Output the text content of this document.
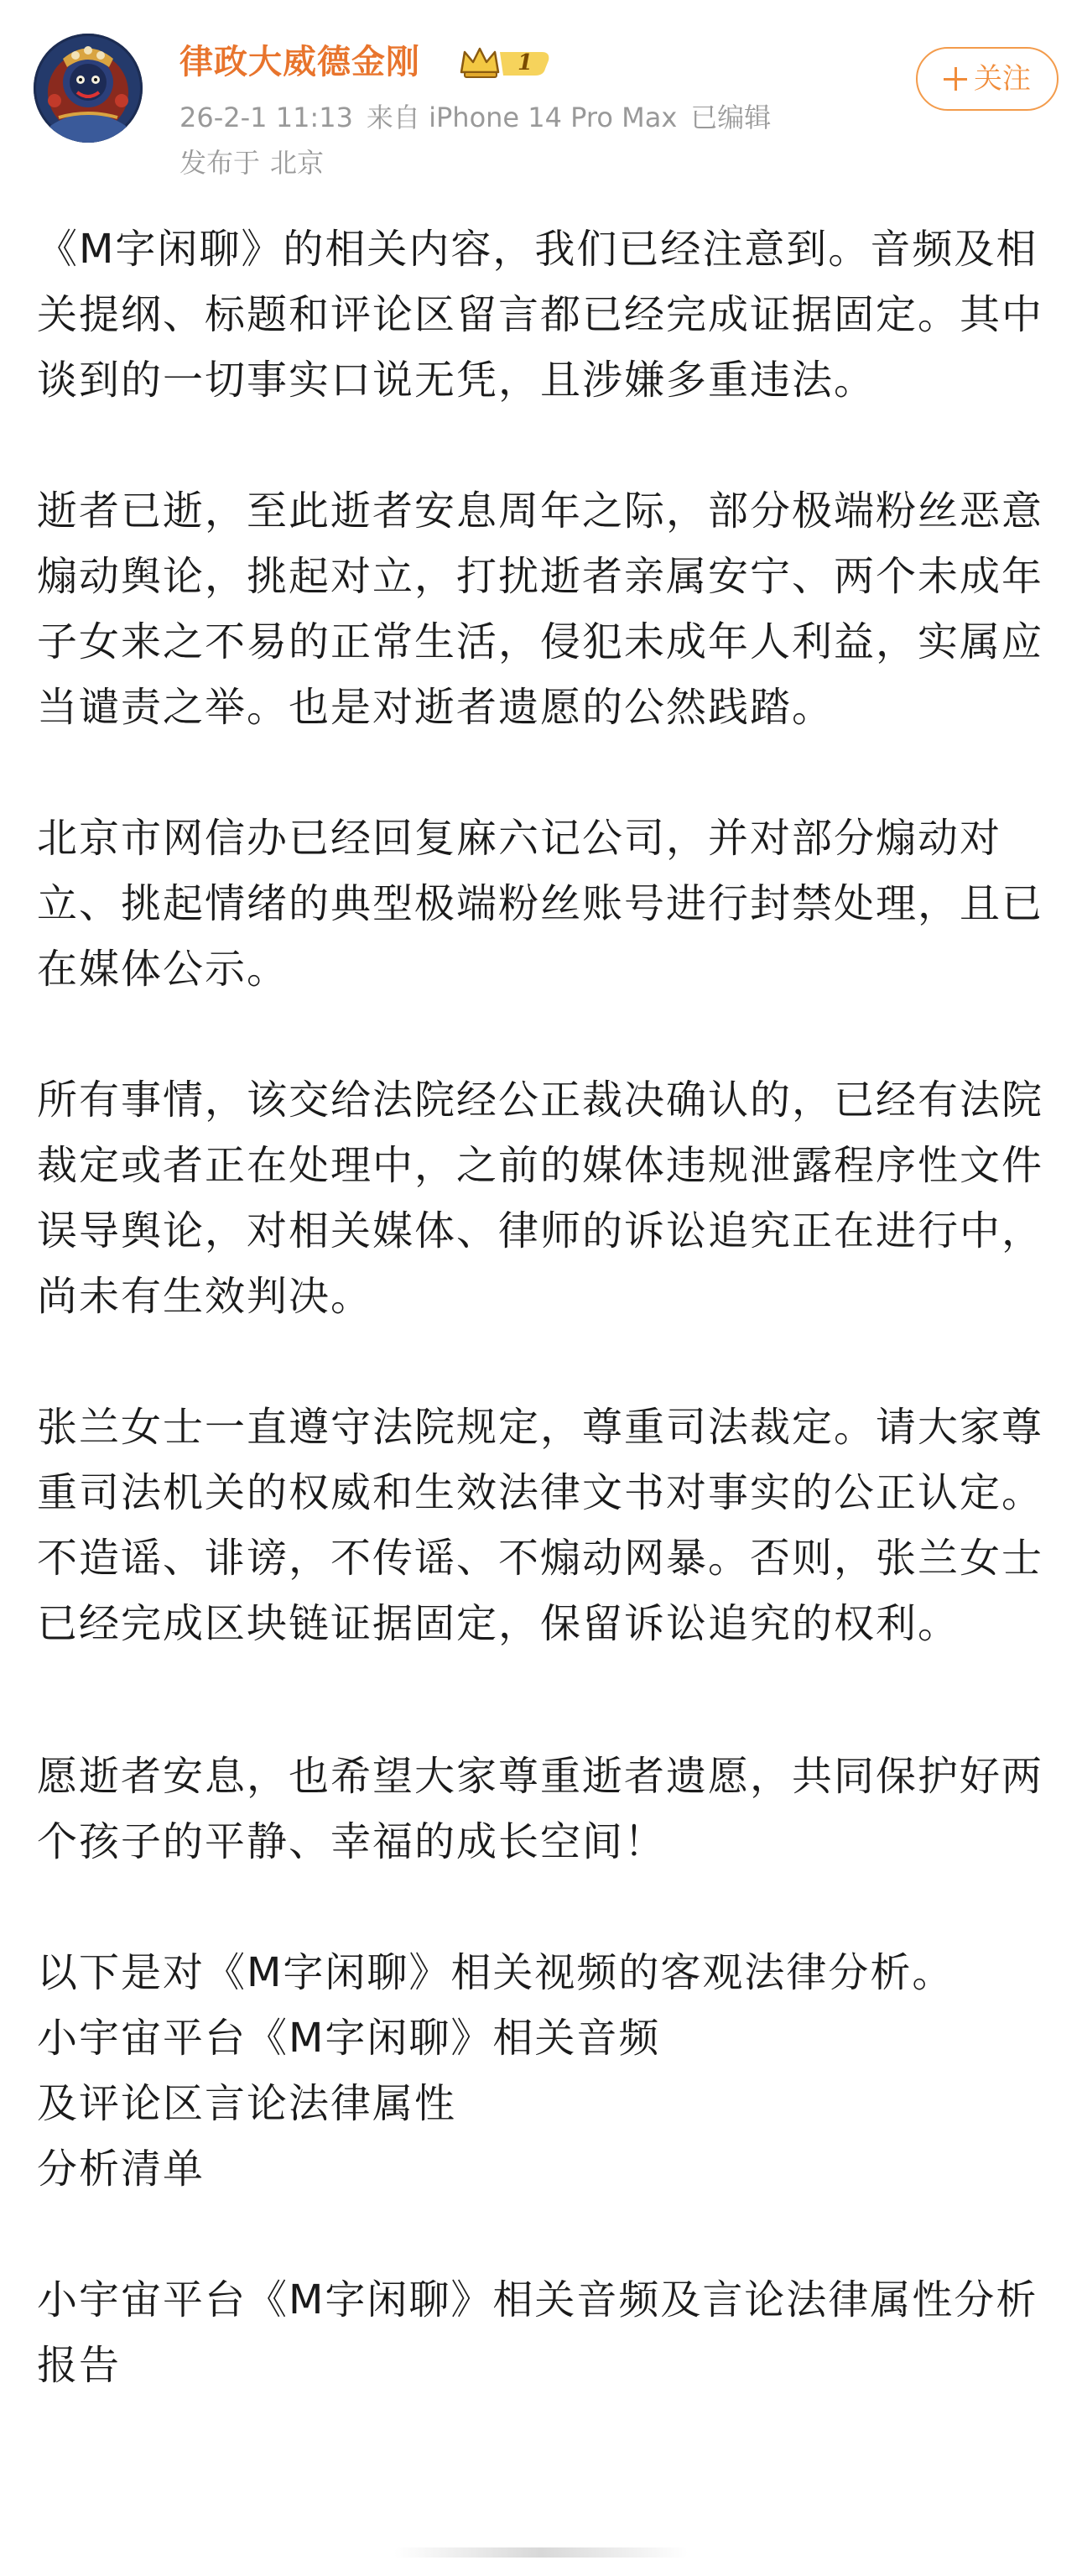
律政大威德金刚	1
26-2-1 11:13 来自 iPhone 14 Pro Max 已编辑
发布于 北京
关注

《M字闲聊》的相关内容，我们已经注意到。音频及相关提纲、标题和评论区留言都已经完成证据固定。其中谈到的一切事实口说无凭，且涉嫌多重违法。

逝者已逝，至此逝者安息周年之际，部分极端粉丝恶意煽动舆论，挑起对立，打扰逝者亲属安宁、两个未成年子女来之不易的正常生活，侵犯未成年人利益，实属应当谴责之举。也是对逝者遗愿的公然践踏。

北京市网信办已经回复麻六记公司，并对部分煽动对立、挑起情绪的典型极端粉丝账号进行封禁处理，且已在媒体公示。

所有事情，该交给法院经公正裁决确认的，已经有法院裁定或者正在处理中，之前的媒体违规泄露程序性文件误导舆论，对相关媒体、律师的诉讼追究正在进行中，尚未有生效判决。

张兰女士一直遵守法院规定，尊重司法裁定。请大家尊重司法机关的权威和生效法律文书对事实的公正认定。不造谣、诽谤，不传谣、不煽动网暴。否则，张兰女士已经完成区块链证据固定，保留诉讼追究的权利。

愿逝者安息，也希望大家尊重逝者遗愿，共同保护好两个孩子的平静、幸福的成长空间！

以下是对《M字闲聊》相关视频的客观法律分析。

小宇宙平台《M字闲聊》相关音频

及评论区言论法律属性

分析清单

小宇宙平台《M字闲聊》相关音频及言论法律属性分析报告
